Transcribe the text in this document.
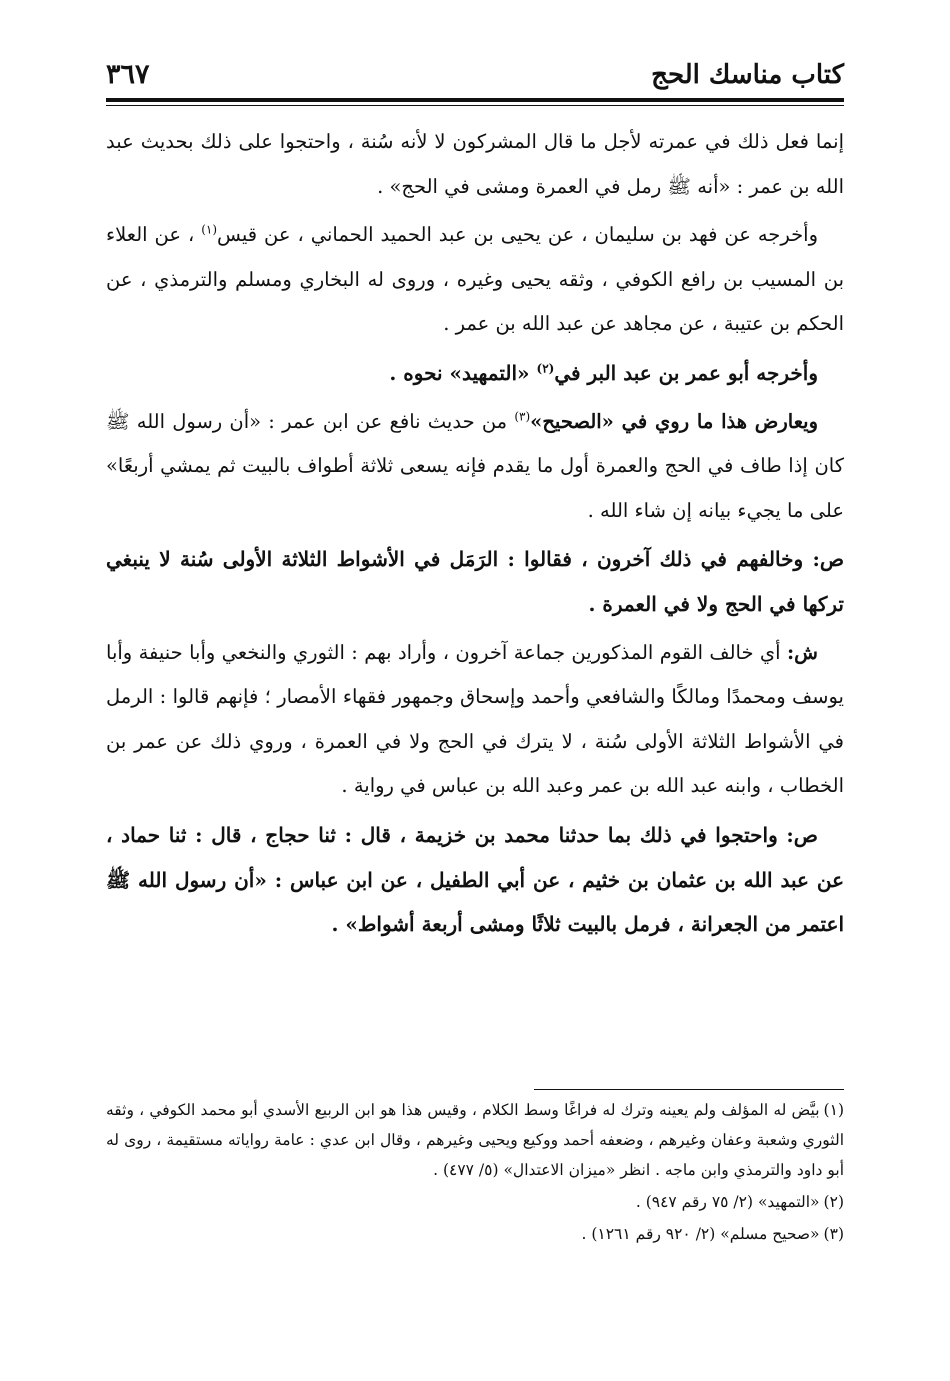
كتاب مناسك الحج
٣٦٧

إنما فعل ذلك في عمرته لأجل ما قال المشركون لا لأنه سُنة ، واحتجوا على ذلك بحديث عبد الله بن عمر : «أنه ﷺ رمل في العمرة ومشى في الحج» .

وأخرجه عن فهد بن سليمان ، عن يحيى بن عبد الحميد الحماني ، عن قيس$^{(١)}$ ، عن العلاء بن المسيب بن رافع الكوفي ، وثقه يحيى وغيره ، وروى له البخاري ومسلم والترمذي ، عن الحكم بن عتيبة ، عن مجاهد عن عبد الله بن عمر .

وأخرجه أبو عمر بن عبد البر في$^{(٢)}$ «التمهيد» نحوه .

ويعارض هذا ما روي في «الصحيح»$^{(٣)}$ من حديث نافع عن ابن عمر : «أن رسول الله ﷺ كان إذا طاف في الحج والعمرة أول ما يقدم فإنه يسعى ثلاثة أطواف بالبيت ثم يمشي أربعًا» على ما يجيء بيانه إن شاء الله .

ص: وخالفهم في ذلك آخرون ، فقالوا : الرَمَل في الأشواط الثلاثة الأولى سُنة لا ينبغي تركها في الحج ولا في العمرة .

ش: أي خالف القوم المذكورين جماعة آخرون ، وأراد بهم : الثوري والنخعي وأبا حنيفة وأبا يوسف ومحمدًا ومالكًا والشافعي وأحمد وإسحاق وجمهور فقهاء الأمصار ؛ فإنهم قالوا : الرمل في الأشواط الثلاثة الأولى سُنة ، لا يترك في الحج ولا في العمرة ، وروي ذلك عن عمر بن الخطاب ، وابنه عبد الله بن عمر وعبد الله بن عباس في رواية .

ص: واحتجوا في ذلك بما حدثنا محمد بن خزيمة ، قال : ثنا حجاج ، قال : ثنا حماد ، عن عبد الله بن عثمان بن خثيم ، عن أبي الطفيل ، عن ابن عباس : «أن رسول الله ﷺ اعتمر من الجعرانة ، فرمل بالبيت ثلاثًا ومشى أربعة أشواط» .

(١)بيَّض له المؤلف ولم يعينه وترك له فراغًا وسط الكلام ، وقيس هذا هو ابن الربيع الأسدي أبو محمد الكوفي ، وثقه الثوري وشعبة وعفان وغيرهم ، وضعفه أحمد ووكيع ويحيى وغيرهم ، وقال ابن عدي : عامة رواياته مستقيمة ، روى له أبو داود والترمذي وابن ماجه . انظر «ميزان الاعتدال» (٥/ ٤٧٧) .

(٢)«التمهيد» (٢/ ٧٥ رقم ٩٤٧) .

(٣)«صحيح مسلم» (٢/ ٩٢٠ رقم ١٢٦١) .
